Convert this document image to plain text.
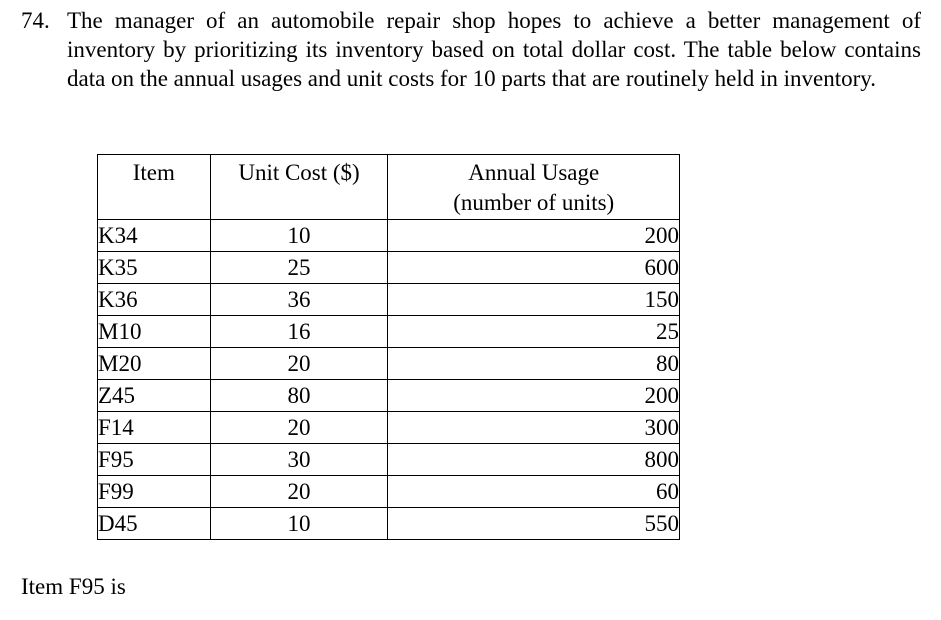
74. The manager of an automobile repair shop hopes to achieve a better management of inventory by prioritizing its inventory based on total dollar cost. The table below contains data on the annual usages and unit costs for 10 parts that are routinely held in inventory.
Item	Unit Cost ($)	Annual Usage
(number of units)

K34	10	200
K35	25	600
K36	36	150
M10	16	25
M20	20	80
Z45	80	200
F14	20	300
F95	30	800
F99	20	60
D45	10	550
Item F95 is
